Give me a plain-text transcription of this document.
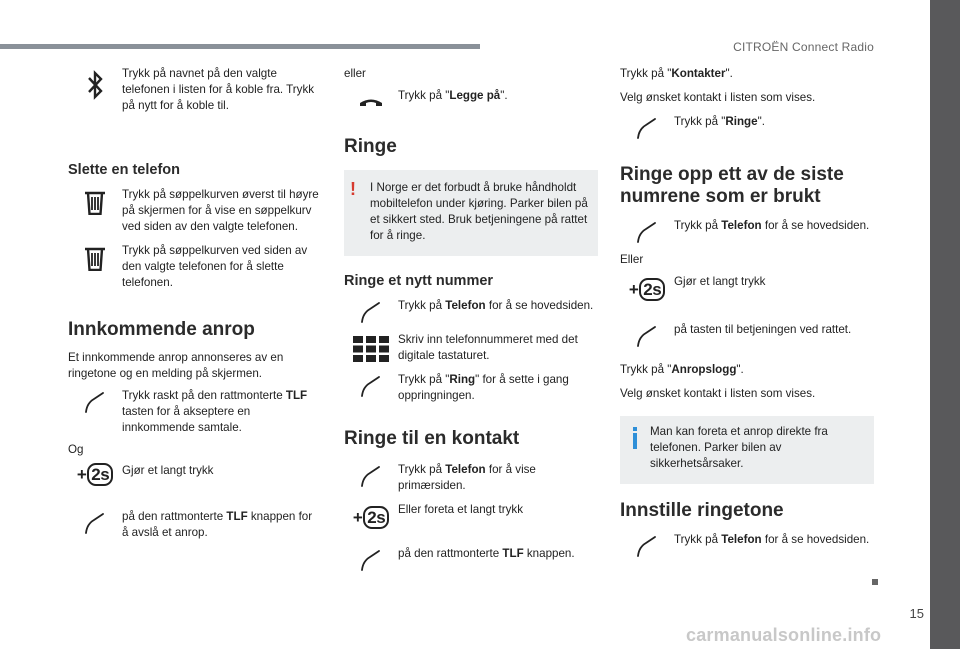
CITROËN Connect Radio
15
carmanualsonline.info
Trykk på navnet på den valgte telefonen i listen for å koble fra. Trykk på nytt for å koble til.
Slette en telefon
Trykk på søppelkurven øverst til høyre på skjermen for å vise en søppelkurv ved siden av den valgte telefonen.
Trykk på søppelkurven ved siden av den valgte telefonen for å slette telefonen.
Innkommende anrop
Et innkommende anrop annonseres av en ringetone og en melding på skjermen.
Trykk raskt på den rattmonterte TLF tasten for å akseptere en innkommende samtale.
Og
+ 2s	Gjør et langt trykk
på den rattmonterte TLF knappen for å avslå et anrop.
eller
Trykk på "Legge på".
Ringe
!	I Norge er det forbudt å bruke håndholdt mobiltelefon under kjøring. Parker bilen på et sikkert sted. Bruk betjeningene på rattet for å ringe.
Ringe et nytt nummer
Trykk på Telefon for å se hovedsiden.
Skriv inn telefonnummeret med det digitale tastaturet.
Trykk på "Ring" for å sette i gang oppringningen.
Ringe til en kontakt
Trykk på Telefon for å vise primærsiden.
+ 2s	Eller foreta et langt trykk
på den rattmonterte TLF knappen.
Trykk på "Kontakter".
Velg ønsket kontakt i listen som vises.
Trykk på "Ringe".
Ringe opp ett av de siste numrene som er brukt
Trykk på Telefon for å se hovedsiden.
Eller
+ 2s	Gjør et langt trykk
på tasten til betjeningen ved rattet.
Trykk på "Anropslogg".
Velg ønsket kontakt i listen som vises.
Man kan foreta et anrop direkte fra telefonen. Parker bilen av sikkerhetsårsaker.
Innstille ringetone
Trykk på Telefon for å se hovedsiden.
